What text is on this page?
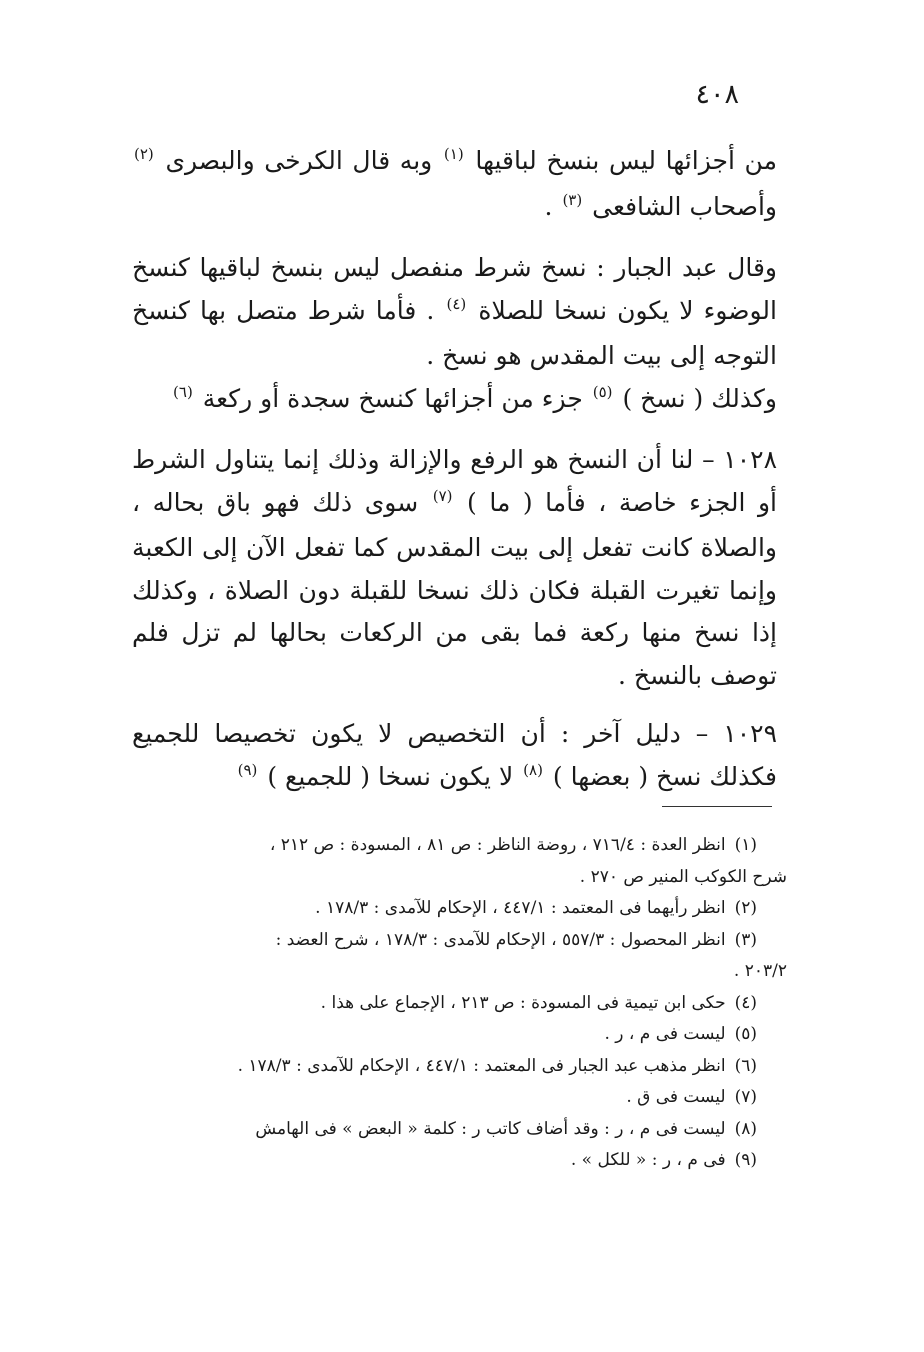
٤٠٨

من أجزائها ليس بنسخ لباقيها $^{(١)}$ وبه قال الكرخى والبصرى $^{(٢)}$ وأصحاب الشافعى $^{(٣)}$ .

وقال عبد الجبار : نسخ شرط منفصل ليس بنسخ لباقيها كنسخ الوضوء لا يكون نسخا للصلاة $^{(٤)}$ . فأما شرط متصل بها كنسخ التوجه إلى بيت المقدس هو نسخ .

وكذلك ( نسخ ) $^{(٥)}$ جزء من أجزائها كنسخ سجدة أو ركعة $^{(٦)}$

١٠٢٨ – لنا أن النسخ هو الرفع والإزالة وذلك إنما يتناول الشرط أو الجزء خاصة ، فأما ( ما ) $^{(٧)}$ سوى ذلك فهو باق بحاله ، والصلاة كانت تفعل إلى بيت المقدس كما تفعل الآن إلى الكعبة وإنما تغيرت القبلة فكان ذلك نسخا للقبلة دون الصلاة ، وكذلك إذا نسخ منها ركعة فما بقى من الركعات بحالها لم تزل فلم توصف بالنسخ .

١٠٢٩ – دليل آخر : أن التخصيص لا يكون تخصيصا للجميع فكذلك نسخ ( بعضها ) $^{(٨)}$ لا يكون نسخا ( للجميع ) $^{(٩)}$

(١) انظر العدة : ٧١٦/٤ ، روضة الناظر : ص ٨١ ، المسودة : ص ٢١٢ ،
شرح الكوكب المنير ص ٢٧٠ .

(٢) انظر رأيهما فى المعتمد : ٤٤٧/١ ، الإحكام للآمدى : ١٧٨/٣ .

(٣) انظر المحصول : ٥٥٧/٣ ، الإحكام للآمدى : ١٧٨/٣ ، شرح العضد :
٢٠٣/٢ .

(٤) حكى ابن تيمية فى المسودة : ص ٢١٣ ، الإجماع على هذا .

(٥) ليست فى م ، ر .

(٦) انظر مذهب عبد الجبار فى المعتمد : ٤٤٧/١ ، الإحكام للآمدى : ١٧٨/٣ .

(٧) ليست فى ق .

(٨) ليست فى م ، ر : وقد أضاف كاتب ر : كلمة « البعض » فى الهامش

(٩) فى م ، ر : « للكل » .
